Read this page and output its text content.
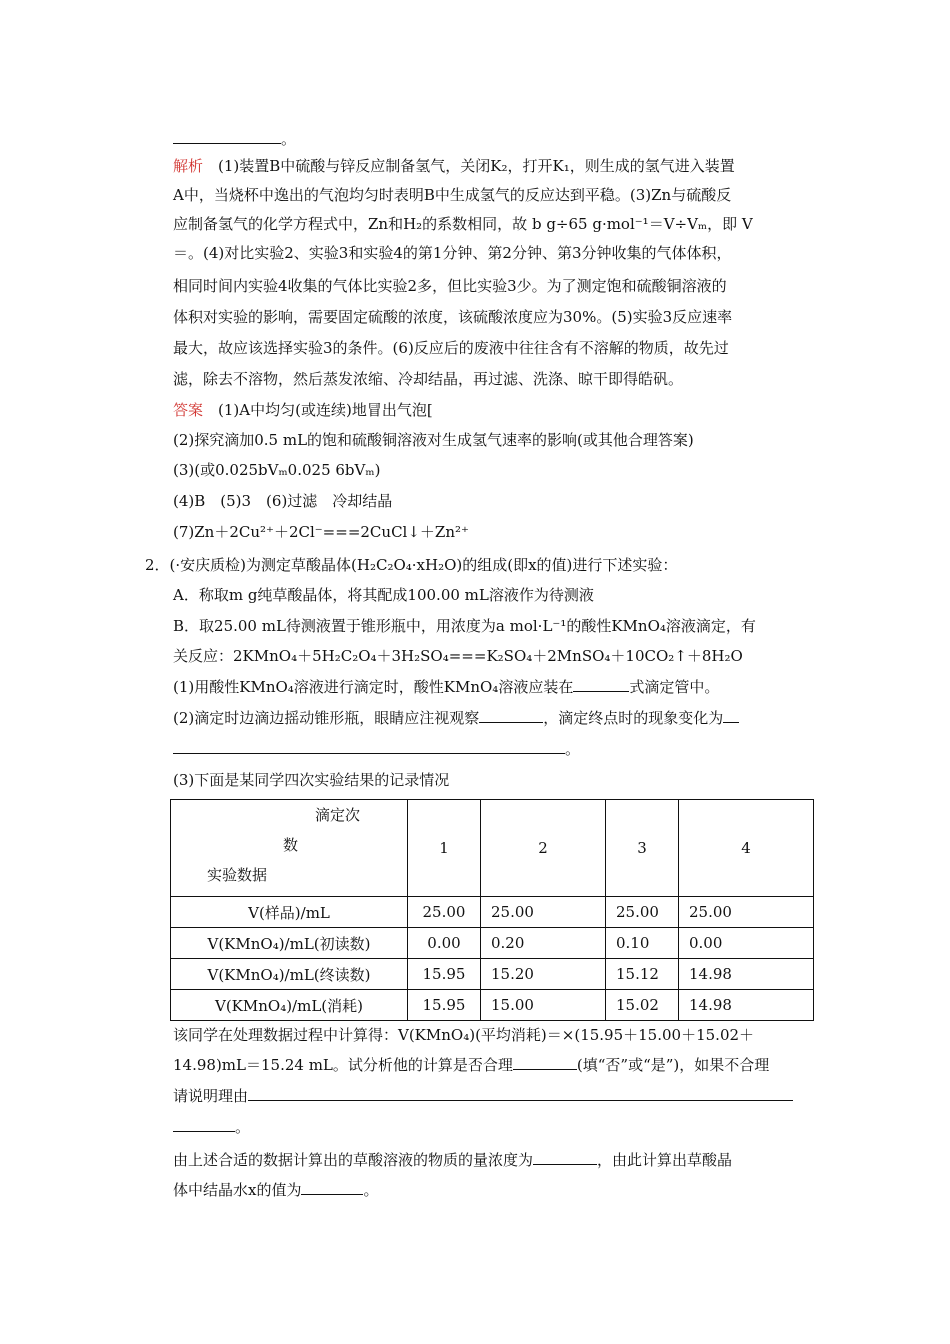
。
解析　 (1)装置B中硫酸与锌反应制备氢气，关闭K₂，打开K₁，则生成的氢气进入装置
A中，当烧杯中逸出的气泡均匀时表明B中生成氢气的反应达到平稳。(3)Zn与硫酸反
应制备氢气的化学方程式中，Zn和H₂的系数相同，故 b g÷65 g·mol⁻¹＝V÷Vₘ，即 V
＝。(4)对比实验2、实验3和实验4的第1分钟、第2分钟、第3分钟收集的气体体积，
相同时间内实验4收集的气体比实验2多，但比实验3少。为了测定饱和硫酸铜溶液的
体积对实验的影响，需要固定硫酸的浓度，该硫酸浓度应为30%。(5)实验3反应速率
最大，故应该选择实验3的条件。(6)反应后的废液中往往含有不溶解的物质，故先过
滤，除去不溶物，然后蒸发浓缩、冷却结晶，再过滤、洗涤、晾干即得皓矾。
答案　 (1)A中均匀(或连续)地冒出气泡[
(2)探究滴加0.5 mL的饱和硫酸铜溶液对生成氢气速率的影响(或其他合理答案)
(3)(或0.025bVₘ0.025 6bVₘ)
(4)B　(5)3　(6)过滤　冷却结晶
(7)Zn＋2Cu²⁺＋2Cl⁻===2CuCl↓＋Zn²⁺
2．(·安庆质检)为测定草酸晶体(H₂C₂O₄·xH₂O)的组成(即x的值)进行下述实验：
A．称取m g纯草酸晶体，将其配成100.00 mL溶液作为待测液
B．取25.00 mL待测液置于锥形瓶中，用浓度为a mol·L⁻¹的酸性KMnO₄溶液滴定，有
关反应：2KMnO₄＋5H₂C₂O₄＋3H₂SO₄===K₂SO₄＋2MnSO₄＋10CO₂↑＋8H₂O
(1)用酸性KMnO₄溶液进行滴定时，酸性KMnO₄溶液应装在	式滴定管中。
(2)滴定时边滴边摇动锥形瓶，眼睛应注视观察	，滴定终点时的现象变化为
。
(3)下面是某同学四次实验结果的记录情况
滴定次
数
实验数据	1	2	3	4
V(样品)/mL	25.00	25.00	25.00	25.00
V(KMnO₄)/mL(初读数)	0.00	0.20	0.10	0.00
V(KMnO₄)/mL(终读数)	15.95	15.20	15.12	14.98
V(KMnO₄)/mL(消耗)	15.95	15.00	15.02	14.98
该同学在处理数据过程中计算得：V(KMnO₄)(平均消耗)＝×(15.95＋15.00＋15.02＋
14.98)mL＝15.24 mL。试分析他的计算是否合理	(填“否”或“是”)，如果不合理
请说明理由
。
由上述合适的数据计算出的草酸溶液的物质的量浓度为	，由此计算出草酸晶
体中结晶水x的值为	。
